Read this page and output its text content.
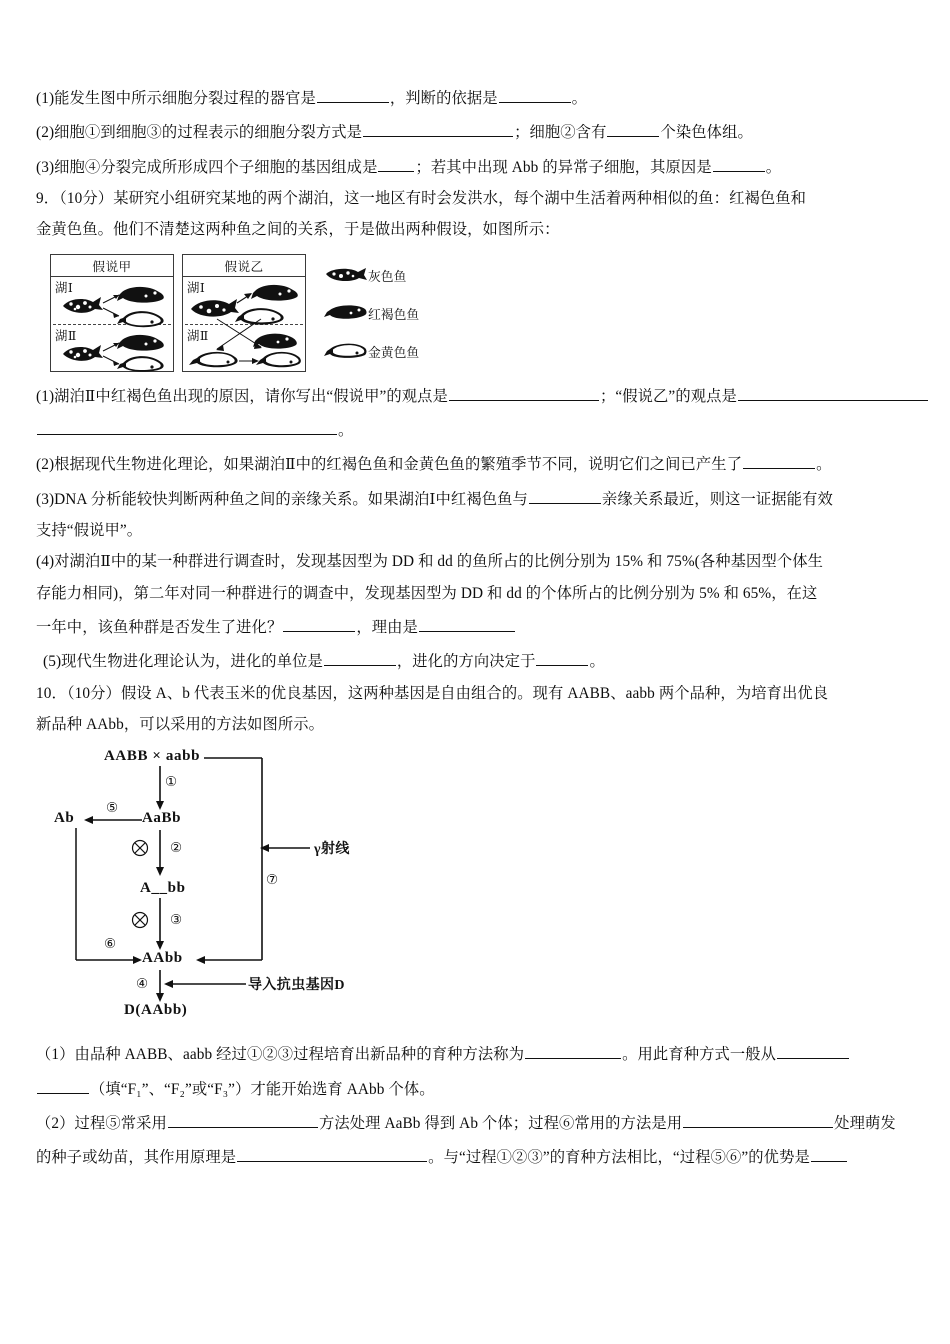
(1)能发生图中所示细胞分裂过程的器官是	，判断的依据是	。
(2)细胞①到细胞③的过程表示的细胞分裂方式是	；细胞②含有	个染色体组。
(3)细胞④分裂完成所形成四个子细胞的基因组成是 ；若其中出现 Abb 的异常子细胞，其原因是	。
9．（10分）某研究小组研究某地的两个湖泊，这一地区有时会发洪水，每个湖中生活着两种相似的鱼：红褐色鱼和
金黄色鱼。他们不清楚这两种鱼之间的关系，于是做出两种假设，如图所示：
假说甲
湖Ⅰ
湖Ⅱ
假说乙
湖Ⅰ
湖Ⅱ
灰色鱼
红褐色鱼
金黄色鱼
(1)湖泊Ⅱ中红褐色鱼出现的原因，请你写出“假说甲”的观点是	；“假说乙”的观点是
。
(2)根据现代生物进化理论，如果湖泊Ⅱ中的红褐色鱼和金黄色鱼的繁殖季节不同，说明它们之间已产生了	。
(3)DNA 分析能较快判断两种鱼之间的亲缘关系。如果湖泊Ⅰ中红褐色鱼与	亲缘关系最近，则这一证据能有效
支持“假说甲”。
(4)对湖泊Ⅱ中的某一种群进行调查时，发现基因型为 DD 和 dd 的鱼所占的比例分别为 15% 和 75%(各种基因型个体生
存能力相同)，第二年对同一种群进行的调查中，发现基因型为 DD 和 dd 的个体所占的比例分别为 5% 和 65%，在这
一年中，该鱼种群是否发生了进化？	，理由是
(5)现代生物进化理论认为，进化的单位是	，进化的方向决定于	。
10．（10分）假设 A、b 代表玉米的优良基因，这两种基因是自由组合的。现有 AABB、aabb 两个品种，为培育出优良
新品种 AAbb，可以采用的方法如图所示。
AABB × aabb
①
Ab
⑤
AaBb
②
A__bb
③
⑥
AAbb
④
D(AAbb)
⑦
γ射线
导入抗虫基因D
（1）由品种 AABB、aabb 经过①②③过程培育出新品种的育种方法称为	。用此育种方式一般从
（填“F₁”、“F₂”或“F₃”）才能开始选育 AAbb 个体。
（2）过程⑤常采用	方法处理 AaBb 得到 Ab 个体；过程⑥常用的方法是用	处理萌发
的种子或幼苗，其作用原理是	。与“过程①②③”的育种方法相比，“过程⑤⑥”的优势是
